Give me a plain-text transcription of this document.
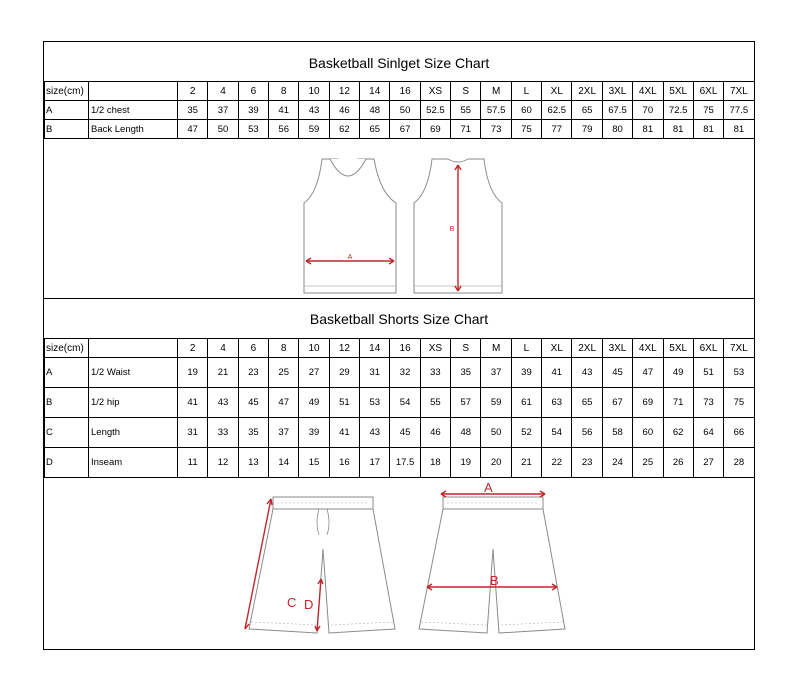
Basketball Sinlget Size Chart
size(cm)		2	4	6	8	10	12	14	16	XS	S	M	L	XL	2XL	3XL	4XL	5XL	6XL	7XL
A	1/2 chest	35	37	39	41	43	46	48	50	52.5	55	57.5	60	62.5	65	67.5	70	72.5	75	77.5
B	Back Length	47	50	53	56	59	62	65	67	69	71	73	75	77	79	80	81	81	81	81
A
B
Basketball Shorts Size Chart
size(cm)		2	4	6	8	10	12	14	16	XS	S	M	L	XL	2XL	3XL	4XL	5XL	6XL	7XL
A	1/2 Waist	19	21	23	25	27	29	31	32	33	35	37	39	41	43	45	47	49	51	53
B	1/2 hip	41	43	45	47	49	51	53	54	55	57	59	61	63	65	67	69	71	73	75
C	Length	31	33	35	37	39	41	43	45	46	48	50	52	54	56	58	60	62	64	66
D	Inseam	11	12	13	14	15	16	17	17.5	18	19	20	21	22	23	24	25	26	27	28
C D
A
B
